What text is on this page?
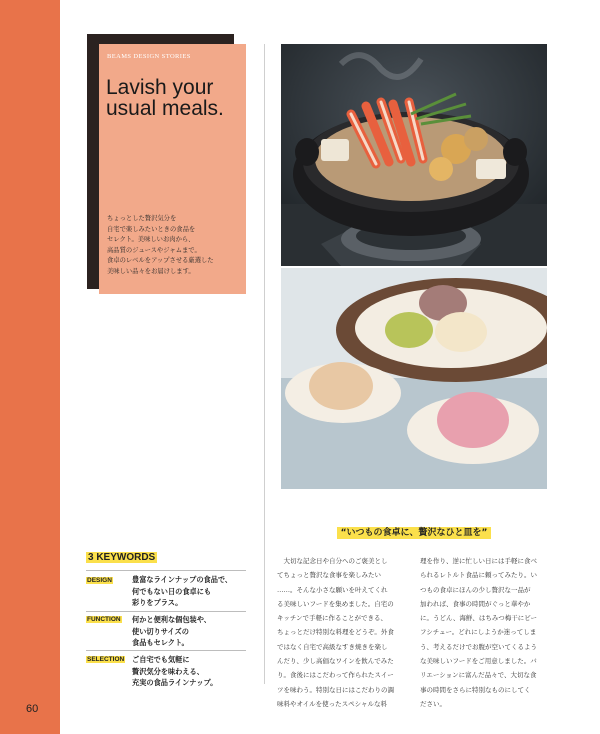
60
BEAMS DESIGN STORIES
Lavish your usual meals.
ちょっとした贅沢気分を
自宅で楽しみたいときの食品を
セレクト。美味しいお肉から、
高品質のジュースやジャムまで。
食卓のレベルをアップさせる厳選した
美味しい品々をお届けします。
“いつもの食卓に、贅沢なひと皿を”
3 KEYWORDS
DESIGN	豊富なラインナップの食品で、
何でもない日の食卓にも
彩りをプラス。
FUNCTION 何かと便利な個包装や、
使い切りサイズの
食品もセレクト。
SELECTION ご自宅でも気軽に
贅沢気分を味わえる、
充実の食品ラインナップ。
　大切な記念日や自分へのご褒美とし
てちょっと贅沢な食事を楽しみたい
……。そんな小さな願いを叶えてくれ
る美味しいフードを集めました。自宅の
キッチンで手軽に作ることができる、
ちょっとだけ特別な料理をどうぞ。外食
ではなく自宅で高級なすき焼きを楽し
んだり、少し高価なワインを飲んでみた
り。食後にはこだわって作られたスイー
ツを味わう。特別な日にはこだわりの調
味料やオイルを使ったスペシャルな料
理を作り、逆に忙しい日には手軽に食べ
られるレトルト食品に頼ってみたり。い
つもの食卓にほんの少し贅沢な一品が
加われば、食事の時間がぐっと華やか
に。うどん、海鮮、はちみつ梅干にビー
フシチュー。どれにしようか迷ってしま
う、考えるだけでお腹が空いてくるよう
な美味しいフードをご用意しました。バ
リエーションに富んだ品々で、大切な食
事の時間をさらに特別なものにしてく
ださい。
